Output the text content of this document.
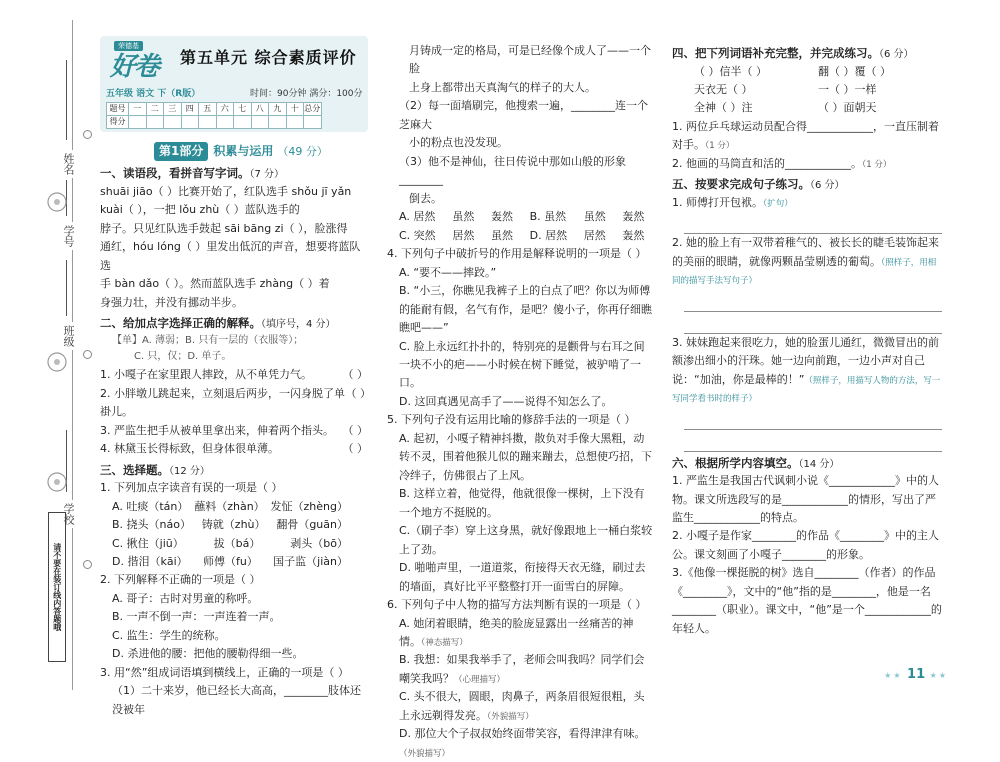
姓名
学号
班级
学校
请不要在装订线内答题哦
荣德基
好卷 第五单元 综合素质评价
五年级 语文 下（R版）	时间：90分钟 满分：100分
题号	一	二	三	四	五	六	七	八	九	十	总分
得分											
第1部分 积累与运用 （49 分）
一、读语段，看拼音写字词。（7 分）
shuāi jiāo（ ）比赛开始了，红队选手 shǒu jī yǎn
kuài（ ），一把 lǒu zhù（ ）蓝队选手的
脖子。只见红队选手鼓起 sāi bāng zi（ ），脸涨得
通红，hóu lóng（ ）里发出低沉的声音，想要将蓝队选
手 bàn dǎo（ ）。然而蓝队选手 zhàng（ ）着
身强力壮，并没有挪动半步。
二、给加点字选择正确的解释。（填序号，4 分）
【单】A. 薄弱；B. 只有一层的（衣服等）；
C. 只，仅；D. 单子。
1. 小嘎子在家里跟人摔跤，从不单凭力气。	（ ）
2. 小胖墩儿跳起来，立刻退后两步，一闪身脱了单褂儿。
（ ）
3. 严监生把手从被单里拿出来，伸着两个指头。 （ ）
4. 林黛玉长得标致，但身体很单薄。	（ ）
三、选择题。（12 分）
1. 下列加点字读音有误的一项是（ ）
A. 吐痰（tán） 蘸料（zhàn） 发怔（zhèng）
B. 挠头（náo） 铸就（zhù） 翻骨（guān）
C. 揪住（jiū）	拔（bá）	剥头（bō）
D. 揩泪（kāi） 师傅（fu） 国子监（jiàn）
2. 下列解释不正确的一项是（ ）
A. 哥子：古时对男童的称呼。
B. 一声不倒一声：一声连着一声。
C. 监生：学生的统称。
D. 杀进他的腰：把他的腰勒得细一些。
3. 用“然”组成词语填到横线上，正确的一项是（ ）
（1）二十来岁，他已经长大高高，________肢体还没被年
月铸成一定的格局，可是已经像个成人了——一个脸
上身上都带出天真淘气的样子的大人。
（2）每一面墙刷完，他搜索一遍，________连一个芝麻大
小的粉点也没发现。
（3）他不是神仙，往日传说中那如山般的形象________
倒去。
A. 居然	虽然	轰然	B. 虽然	虽然	轰然
C. 突然	居然	虽然	D. 居然	居然	轰然
4. 下列句子中破折号的作用是解释说明的一项是（ ）
A. “要不——摔跤。”
B. “小三，你瞧见我裤子上的白点了吧？你以为师傅的能耐有假，名气有作，是吧？傻小子，你再仔细瞧瞧吧——”
C. 脸上永远红扑扑的，特别亮的是颧骨与右耳之间一块不小的疤——小时候在树下睡觉，被驴啃了一口。
D. 这回真遇见高手了——说得不知怎么了。
5. 下列句子没有运用比喻的修辞手法的一项是（ ）
A. 起初，小嘎子精神抖擞，散负对手像大黑粗，动转不灵，围着他猴儿似的蹦来蹦去，总想使巧招，下冷绊子，仿佛很占了上风。
B. 这样立着，他觉得，他就很像一棵树，上下没有一个地方不挺脱的。
C.（刷子李）穿上这身黑，就好像跟地上一桶白浆较上了劲。
D. 啪啪声里，一道道浆，衔接得天衣无缝，刷过去的墙面，真好比平平整整打开一面雪白的屏障。
6. 下列句子中人物的描写方法判断有误的一项是（ ）
A. 她闭着眼睛，绝美的脸庞显露出一丝痛苦的神情。（神态描写）
B. 我想：如果我举手了，老师会叫我吗？同学们会嘲笑我吗？（心理描写）
C. 头不很大，圆眼，肉鼻子，两条眉很短很粗，头上永远剃得发亮。（外貌描写）
D. 那位大个子叔叔始终面带笑容，看得津津有味。（外貌描写）
四、把下列词语补充完整，并完成练习。（6 分）
（ ）信半（ ）	翻（ ）覆（ ）
天衣无（ ）	一（ ）一样
全神（ ）注	（ ）面朝天
1. 两位乒乓球运动员配合得____________，一直压制着对手。（1 分）
2. 他画的马筒直和活的____________。（1 分）
五、按要求完成句子练习。（6 分）
1. 师傅打开包袱。（扩句）
2. 她的脸上有一双带着稚气的、被长长的睫毛装饰起来的美丽的眼睛，就像两颗晶莹剔透的葡萄。（照样子，用相同的描写手法写句子）
3. 妹妹跑起来很吃力，她的脸蛋儿通红，微微冒出的前额渗出细小的汗珠。她一边向前跑，一边小声对自己说：“加油，你是最棒的！”（照样子，用描写人物的方法，写一写同学看书时的样子）
六、根据所学内容填空。（14 分）
1. 严监生是我国古代讽刺小说《____________》中的人物。课文所选段写的是____________的情形，写出了严监生____________的特点。
2. 小嘎子是作家________的作品《________》中的主人公。课文刻画了小嘎子________的形象。
3.《他像一棵挺脱的树》选自________（作者）的作品《________》，文中的“他”指的是________，他是一名________（职业）。课文中，“他”是一个____________的年轻人。
★★ 11 ★★
